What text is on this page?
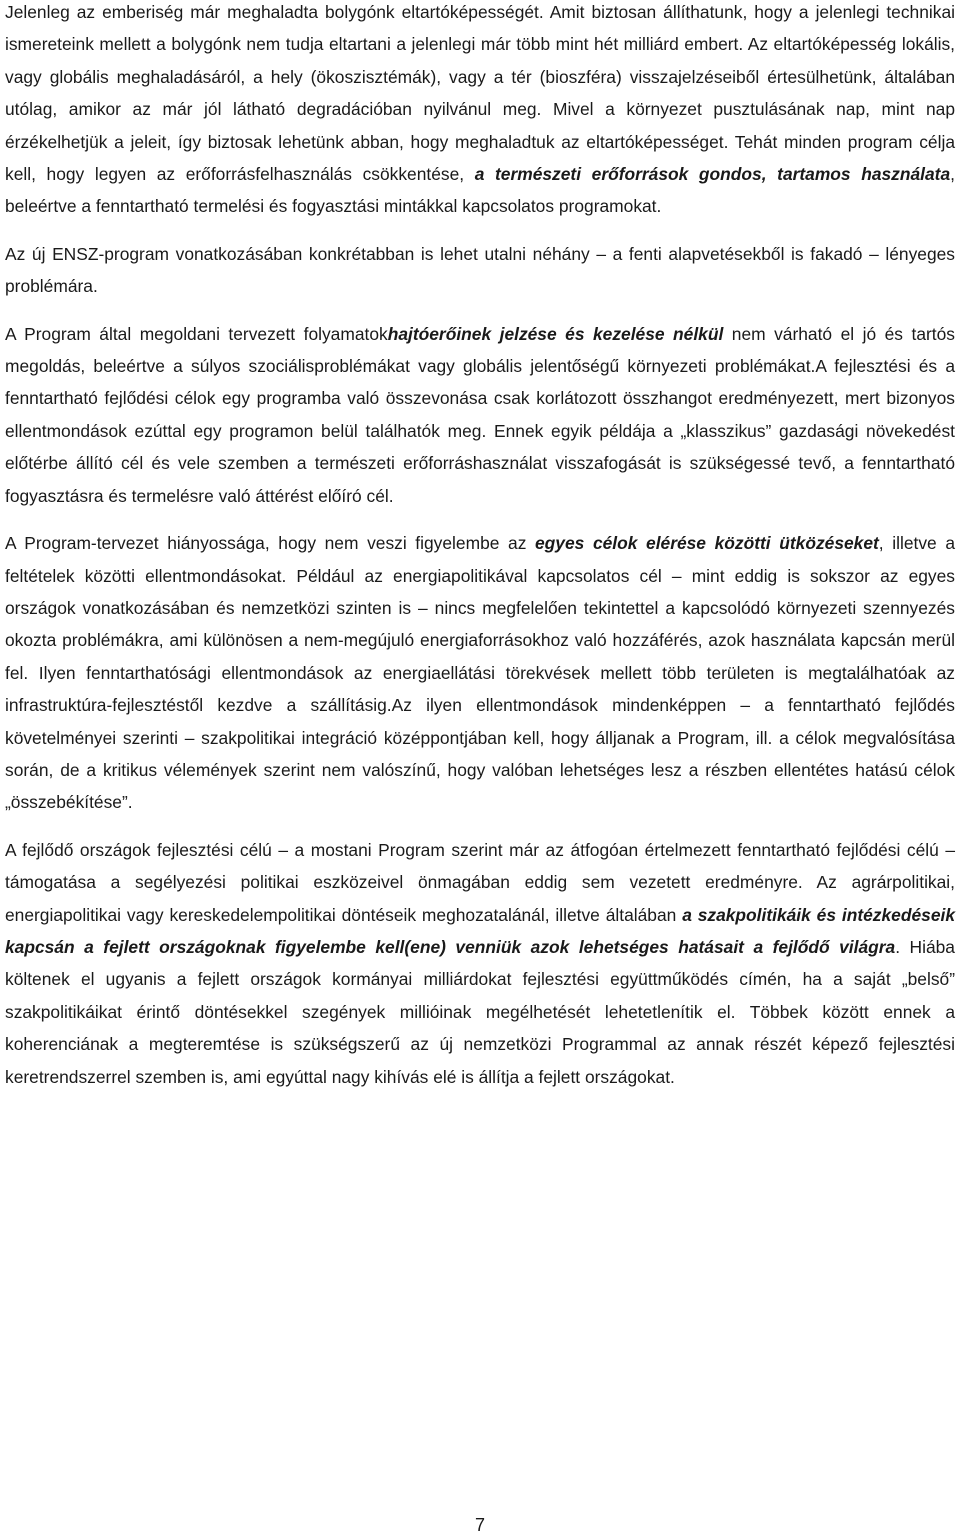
Jelenleg az emberiség már meghaladta bolygónk eltartóképességét. Amit biztosan állíthatunk, hogy a jelenlegi technikai ismereteink mellett a bolygónk nem tudja eltartani a jelenlegi már több mint hét milliárd embert. Az eltartóképesség lokális, vagy globális meghaladásáról, a hely (ökoszisztémák), vagy a tér (bioszféra) visszajelzéseiből értesülhetünk, általában utólag, amikor az már jól látható degradációban nyilvánul meg. Mivel a környezet pusztulásának nap, mint nap érzékelhetjük a jeleit, így biztosak lehetünk abban, hogy meghaladtuk az eltartóképességet. Tehát minden program célja kell, hogy legyen az erőforrásfelhasználás csökkentése, a természeti erőforrások gondos, tartamos használata, beleértve a fenntartható termelési és fogyasztási mintákkal kapcsolatos programokat.

Az új ENSZ-program vonatkozásában konkrétabban is lehet utalni néhány – a fenti alapvetésekből is fakadó – lényeges problémára.

A Program által megoldani tervezett folyamatokhajtóerőinek jelzése és kezelése nélkül nem várható el jó és tartós megoldás, beleértve a súlyos szociálisproblémákat vagy globális jelentőségű környezeti problémákat.A fejlesztési és a fenntartható fejlődési célok egy programba való összevonása csak korlátozott összhangot eredményezett, mert bizonyos ellentmondások ezúttal egy programon belül találhatók meg. Ennek egyik példája a „klasszikus” gazdasági növekedést előtérbe állító cél és vele szemben a természeti erőforráshasználat visszafogását is szükségessé tevő, a fenntartható fogyasztásra és termelésre való áttérést előíró cél.

A Program-tervezet hiányossága, hogy nem veszi figyelembe az egyes célok elérése közötti ütközéseket, illetve a feltételek közötti ellentmondásokat. Például az energiapolitikával kapcsolatos cél – mint eddig is sokszor az egyes országok vonatkozásában és nemzetközi szinten is – nincs megfelelően tekintettel a kapcsolódó környezeti szennyezés okozta problémákra, ami különösen a nem-megújuló energiaforrásokhoz való hozzáférés, azok használata kapcsán merül fel. Ilyen fenntarthatósági ellentmondások az energiaellátási törekvések mellett több területen is megtalálhatóak az infrastruktúra-fejlesztéstől kezdve a szállításig.Az ilyen ellentmondások mindenképpen – a fenntartható fejlődés követelményei szerinti – szakpolitikai integráció középpontjában kell, hogy álljanak a Program, ill. a célok megvalósítása során, de a kritikus vélemények szerint nem valószínű, hogy valóban lehetséges lesz a részben ellentétes hatású célok „összebékítése”.

A fejlődő országok fejlesztési célú – a mostani Program szerint már az átfogóan értelmezett fenntartható fejlődési célú – támogatása a segélyezési politikai eszközeivel önmagában eddig sem vezetett eredményre. Az agrárpolitikai, energiapolitikai vagy kereskedelempolitikai döntéseik meghozatalánál, illetve általában a szakpolitikáik és intézkedéseik kapcsán a fejlett országoknak figyelembe kell(ene) venniük azok lehetséges hatásait a fejlődő világra. Hiába költenek el ugyanis a fejlett országok kormányai milliárdokat fejlesztési együttműködés címén, ha a saját „belső” szakpolitikáikat érintő döntésekkel szegények millióinak megélhetését lehetetlenítik el. Többek között ennek a koherenciának a megteremtése is szükségszerű az új nemzetközi Programmal az annak részét képező fejlesztési keretrendszerrel szemben is, ami egyúttal nagy kihívás elé is állítja a fejlett országokat.

7
